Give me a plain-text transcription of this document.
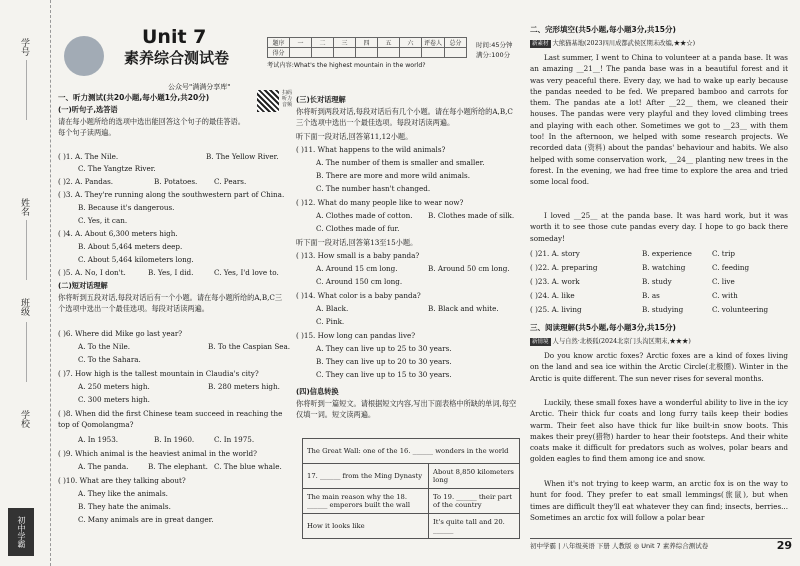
学号
姓名
班级
学校
初中学霸
Unit 7
素养综合测试卷
公众号"满满分享库"
扫码听力音频
题序	一	二	三	四	五	六	评卷人	总分
得分								
时间:45分钟
满分:100分
考试内容:What's the highest mountain in the world?
一、听力测试(共20小题,每小题1分,共20分)
(一)听句子,选答语
请在每小题所给的选项中选出能回答这个句子的最佳答语。每个句子读两遍。
( )1. A. The Nile.	B. The Yellow River.
C. The Yangtze River.
( )2. A. Pandas.	B. Potatoes. C. Pears.
( )3. A. They're running along the southwestern part of China.
B. Because it's dangerous.
C. Yes, it can.
( )4. A. About 6,300 meters high.
B. About 5,464 meters deep.
C. About 5,464 kilometers long.
( )5. A. No, I don't.	B. Yes, I did.	C. Yes, I'd love to.
(二)短对话理解
你将听到五段对话,每段对话后有一个小题。请在每小题所给的A,B,C三个选项中选出一个最佳选项。每段对话读两遍。
( )6. Where did Mike go last year?
A. To the Nile.	B. To the Caspian Sea.
C. To the Sahara.
( )7. How high is the tallest mountain in Claudia's city?
A. 250 meters high.	B. 280 meters high.
C. 300 meters high.
( )8. When did the first Chinese team succeed in reaching the top of Qomolangma?
A. In 1953.	B. In 1960.	C. In 1975.
( )9. Which animal is the heaviest animal in the world?
A. The panda.	B. The elephant. C. The blue whale.
( )10. What are they talking about?
A. They like the animals.
B. They hate the animals.
C. Many animals are in great danger.
(三)长对话理解
你将听到两段对话,每段对话后有几个小题。请在每小题所给的A,B,C三个选项中选出一个最佳选项。每段对话读两遍。
听下面一段对话,回答第11,12小题。
( )11. What happens to the wild animals?
A. The number of them is smaller and smaller.
B. There are more and more wild animals.
C. The number hasn't changed.
( )12. What do many people like to wear now?
A. Clothes made of cotton. B. Clothes made of silk.
C. Clothes made of fur.
听下面一段对话,回答第13至15小题。
( )13. How small is a baby panda?
A. Around 15 cm long.	B. Around 50 cm long.
C. Around 150 cm long.
( )14. What color is a baby panda?
A. Black.	B. Black and white.
C. Pink.
( )15. How long can pandas live?
A. They can live up to 25 to 30 years.
B. They can live up to 20 to 30 years.
C. They can live up to 15 to 30 years.
(四)信息转换
你将听到一篇短文。请根据短文内容,写出下面表格中所缺的单词,每空仅填一词。短文读两遍。
The Great Wall: one of the 16. ______ wonders in the world	
17. ______ from the Ming Dynasty	About 8,850 kilometers long
The main reason why the 18. ______ emperors built the wall	To 19. ______ their part of the country
How it looks like	It's quite tall and 20. ______
二、完形填空(共5小题,每小题3分,共15分)
新素材 大熊猫基地(2023四川成都武侯区期末改编,★★☆)
Last summer, I went to China to volunteer at a panda base. It was an amazing __21__! The panda base was in a beautiful forest and it was very peaceful there. Every day, we had to wake up early because the pandas needed to be fed. We prepared bamboo and carrots for them. The pandas ate a lot! After __22__ them, we cleaned their houses. The pandas were very playful and they loved climbing trees and playing with each other. Sometimes we got to __23__ with them too! In the afternoon, we helped with some research projects. We recorded data (资料) about the pandas' behaviour and habits. We also helped with some conservation work, __24__ planting new trees in the forest. In the evening, we had free time to explore the area and tried some local food.
I loved __25__ at the panda base. It was hard work, but it was worth it to see those cute pandas every day. I hope to go back there someday!
( )21. A. story	B. experience	C. trip
( )22. A. preparing	B. watching	C. feeding
( )23. A. work	B. study	C. live
( )24. A. like	B. as	C. with
( )25. A. living	B. studying	C. volunteering
三、阅读理解(共5小题,每小题3分,共15分)
新情境 人与自然·北极狐(2024北京门头沟区期末,★★★)
Do you know arctic foxes? Arctic foxes are a kind of foxes living on the land and sea ice within the Arctic Circle(北极圈). Winter in the Arctic is quite different. The sun never rises for several months.
Luckily, these small foxes have a wonderful ability to live in the icy Arctic. Their thick fur coats and long furry tails keep their bodies warm. Their feet also have thick fur like built-in snow boots. This makes their prey(猎物) harder to hear their footsteps. And their white coats make it difficult for predators such as wolves, polar bears and golden eagles to find them among ice and snow.
When it's not trying to keep warm, an arctic fox is on the way to hunt for food. They prefer to eat small lemmings(旅鼠), but when times are difficult they'll eat whatever they can find; insects, berries... Sometimes an arctic fox will follow a polar bear
初中学霸 | 八年级英语 下册 人教版 ◎ Unit 7 素养综合测试卷	29
